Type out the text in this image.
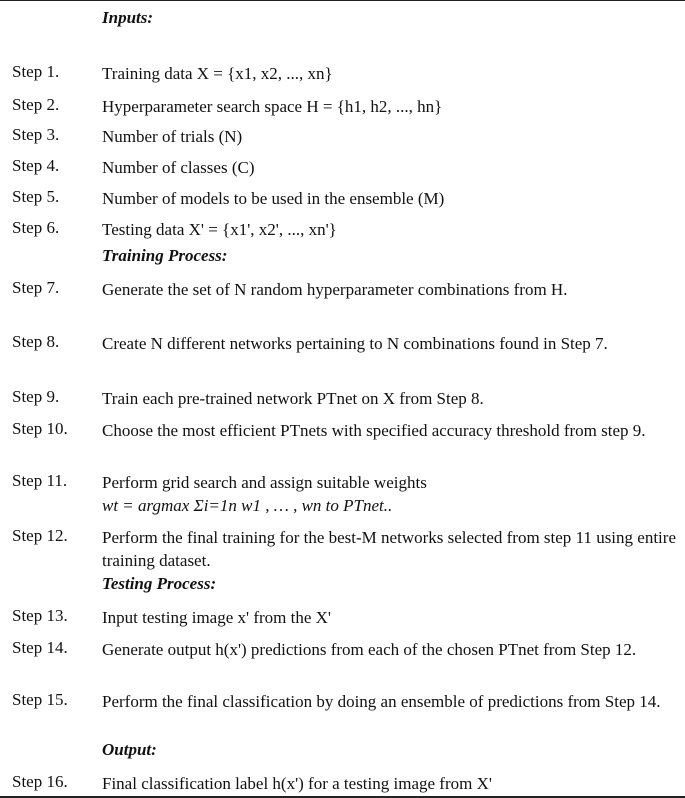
Inputs:
Step 1.	Training data X = {x1, x2, ..., xn}
Step 2.	Hyperparameter search space H = {h1, h2, ..., hn}
Step 3.	Number of trials (N)
Step 4.	Number of classes (C)
Step 5.	Number of models to be used in the ensemble (M)
Step 6.	Testing data X' = {x1', x2', ..., xn'}
Training Process:
Step 7.	Generate the set of N random hyperparameter combinations from H.
Step 8.	Create N different networks pertaining to N combinations found in Step 7.
Step 9.	Train each pre-trained network PTnet on X from Step 8.
Step 10. Choose the most efficient PTnets with specified accuracy threshold from step 9.
Step 11. Perform grid search and assign suitable weights
wt = argmax Σi=1n w1 , … , wn to PTnet..
Step 12. Perform the final training for the best-M networks selected from step 11 using entire training dataset.
Testing Process:
Step 13. Input testing image x' from the X'
Step 14. Generate output h(x') predictions from each of the chosen PTnet from Step 12.
Step 15. Perform the final classification by doing an ensemble of predictions from Step 14.
Output:
Step 16. Final classification label h(x') for a testing image from X'
